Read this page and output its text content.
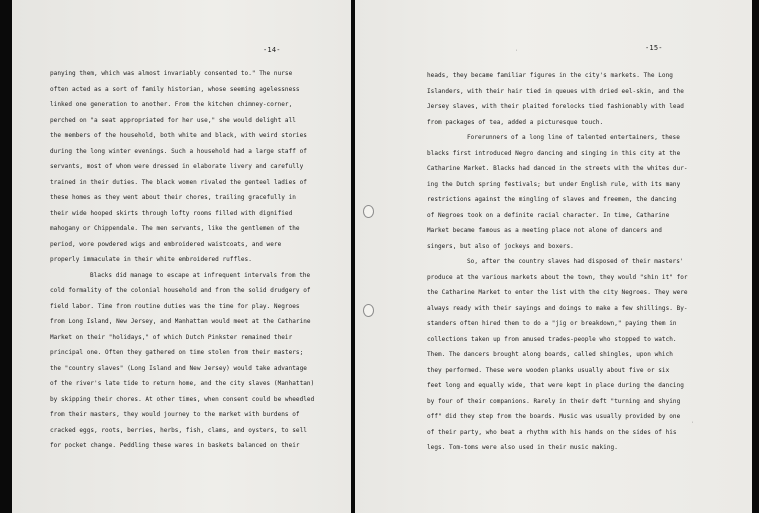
-14-
panying them, which was almost invariably consented to." The nurse
often acted as a sort of family historian, whose seeming agelessness
linked one generation to another. From the kitchen chimney-corner,
perched on "a seat appropriated for her use," she would delight all
the members of the household, both white and black, with weird stories
during the long winter evenings. Such a household had a large staff of
servants, most of whom were dressed in elaborate livery and carefully
trained in their duties. The black women rivaled the genteel ladies of
these homes as they went about their chores, trailing gracefully in
their wide hooped skirts through lofty rooms filled with dignified
mahogany or Chippendale. The men servants, like the gentlemen of the
period, wore powdered wigs and embroidered waistcoats, and were
properly immaculate in their white embroidered ruffles.
Blacks did manage to escape at infrequent intervals from the
cold formality of the colonial household and from the solid drudgery of
field labor. Time from routine duties was the time for play. Negroes
from Long Island, New Jersey, and Manhattan would meet at the Catharine
Market on their "holidays," of which Dutch Pinkster remained their
principal one. Often they gathered on time stolen from their masters;
the "country slaves" (Long Island and New Jersey) would take advantage
of the river's late tide to return home, and the city slaves (Manhattan)
by skipping their chores. At other times, when consent could be wheedled
from their masters, they would journey to the market with burdens of
cracked eggs, roots, berries, herbs, fish, clams, and oysters, to sell
for pocket change. Peddling these wares in baskets balanced on their
·	-15-
·
heads, they became familiar figures in the city's markets. The Long
Islanders, with their hair tied in queues with dried eel-skin, and the
Jersey slaves, with their plaited forelocks tied fashionably with lead
from packages of tea, added a picturesque touch.
Forerunners of a long line of talented entertainers, these
blacks first introduced Negro dancing and singing in this city at the
Catharine Market. Blacks had danced in the streets with the whites dur-
ing the Dutch spring festivals; but under English rule, with its many
restrictions against the mingling of slaves and freemen, the dancing
of Negroes took on a definite racial character. In time, Catharine
Market became famous as a meeting place not alone of dancers and
singers, but also of jockeys and boxers.
So, after the country slaves had disposed of their masters'
produce at the various markets about the town, they would "shin it" for
the Catharine Market to enter the list with the city Negroes. They were
always ready with their sayings and doings to make a few shillings. By-
standers often hired them to do a "jig or breakdown," paying them in
collections taken up from amused trades-people who stopped to watch.
Them. The dancers brought along boards, called shingles, upon which
they performed. These were wooden planks usually about five or six
feet long and equally wide, that were kept in place during the dancing
by four of their companions. Rarely in their deft "turning and shying
off" did they step from the boards. Music was usually provided by one
of their party, who beat a rhythm with his hands on the sides of his
legs. Tom-toms were also used in their music making.
